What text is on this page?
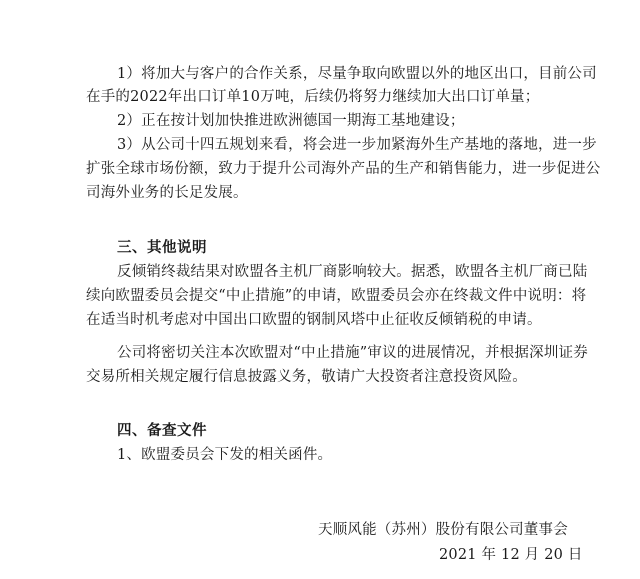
1）将加大与客户的合作关系，尽量争取向欧盟以外的地区出口，目前公司
在手的2022年出口订单10万吨，后续仍将努力继续加大出口订单量；
2）正在按计划加快推进欧洲德国一期海工基地建设；
3）从公司十四五规划来看，将会进一步加紧海外生产基地的落地，进一步
扩张全球市场份额，致力于提升公司海外产品的生产和销售能力，进一步促进公
司海外业务的长足发展。
三、其他说明
反倾销终裁结果对欧盟各主机厂商影响较大。据悉，欧盟各主机厂商已陆
续向欧盟委员会提交“中止措施”的申请，欧盟委员会亦在终裁文件中说明：将
在适当时机考虑对中国出口欧盟的钢制风塔中止征收反倾销税的申请。
公司将密切关注本次欧盟对“中止措施”审议的进展情况，并根据深圳证券
交易所相关规定履行信息披露义务，敬请广大投资者注意投资风险。
四、备查文件
1、欧盟委员会下发的相关函件。
天顺风能（苏州）股份有限公司董事会
2021 年 12 月 20 日
